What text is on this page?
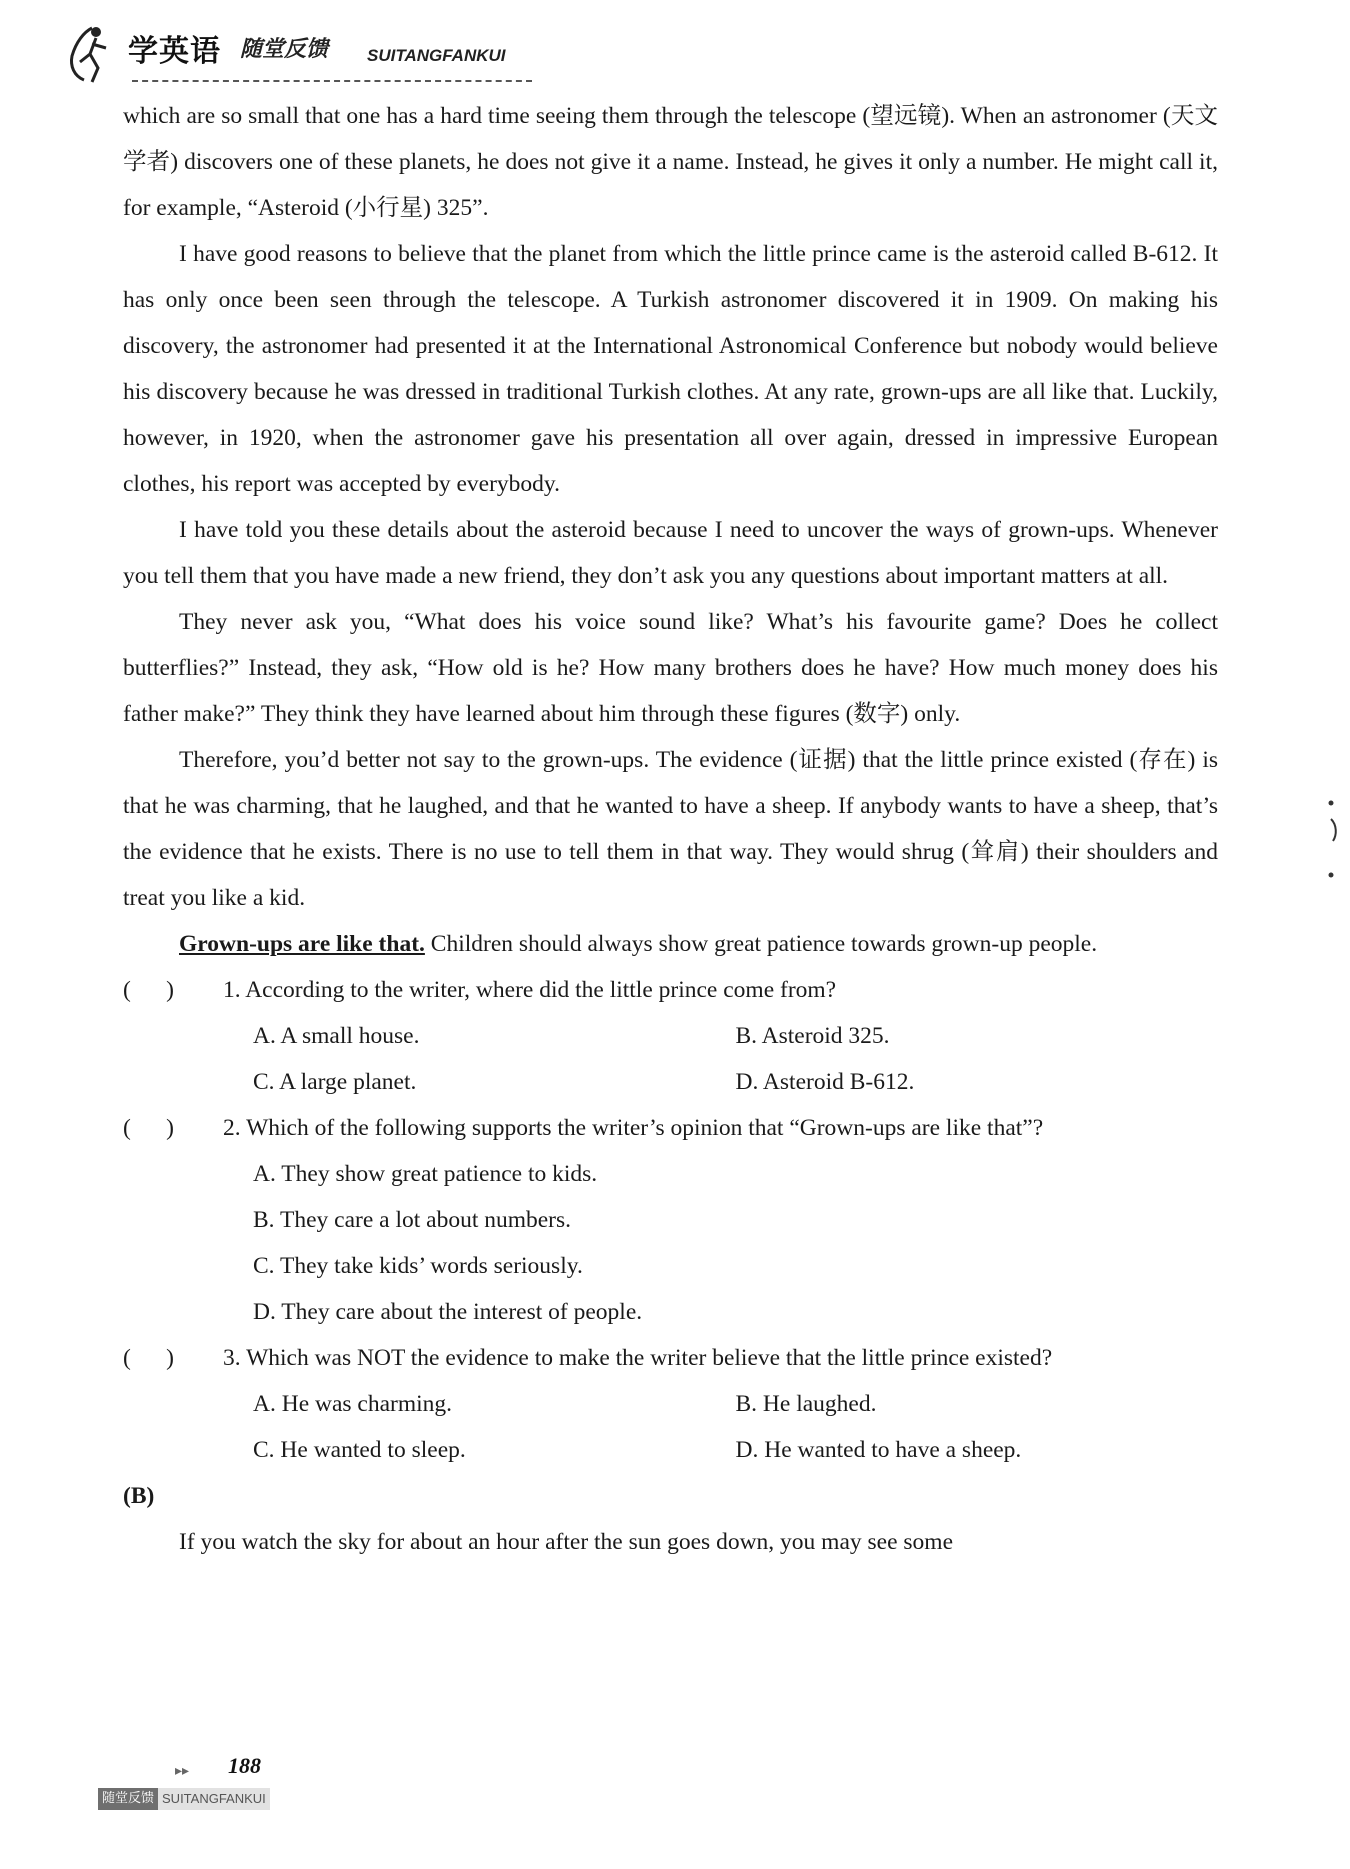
学英语 随堂反馈 SUITANGFANKUI

which are so small that one has a hard time seeing them through the telescope (望远镜). When an astronomer (天文学者) discovers one of these planets, he does not give it a name. Instead, he gives it only a number. He might call it, for example, “Asteroid (小行星) 325”.

I have good reasons to believe that the planet from which the little prince came is the asteroid called B-612. It has only once been seen through the telescope. A Turkish astronomer discovered it in 1909. On making his discovery, the astronomer had presented it at the International Astronomical Conference but nobody would believe his discovery because he was dressed in traditional Turkish clothes. At any rate, grown-ups are all like that. Luckily, however, in 1920, when the astronomer gave his presentation all over again, dressed in impressive European clothes, his report was accepted by everybody.

I have told you these details about the asteroid because I need to uncover the ways of grown-ups. Whenever you tell them that you have made a new friend, they don’t ask you any questions about important matters at all.

They never ask you, “What does his voice sound like? What’s his favourite game? Does he collect butterflies?” Instead, they ask, “How old is he? How many brothers does he have? How much money does his father make?” They think they have learned about him through these figures (数字) only.

Therefore, you’d better not say to the grown-ups. The evidence (证据) that the little prince existed (存在) is that he was charming, that he laughed, and that he wanted to have a sheep. If anybody wants to have a sheep, that’s the evidence that he exists. There is no use to tell them in that way. They would shrug (耸肩) their shoulders and treat you like a kid.

Grown-ups are like that. Children should always show great patience towards grown-up people.

(      )	1. According to the writer, where did the little prince come from?
A. A small house.	B. Asteroid 325.
C. A large planet.	D. Asteroid B-612.
(      )	2. Which of the following supports the writer’s opinion that “Grown-ups are like that”?
A. They show great patience to kids.
B. They care a lot about numbers.
C. They take kids’ words seriously.
D. They care about the interest of people.
(      )	3. Which was NOT the evidence to make the writer believe that the little prince existed?
A. He was charming.	B. He laughed.
C. He wanted to sleep.	D. He wanted to have a sheep.

(B)

If you watch the sky for about an hour after the sun goes down, you may see some

▸▸ 188
随堂反馈 SUITANGFANKUI
